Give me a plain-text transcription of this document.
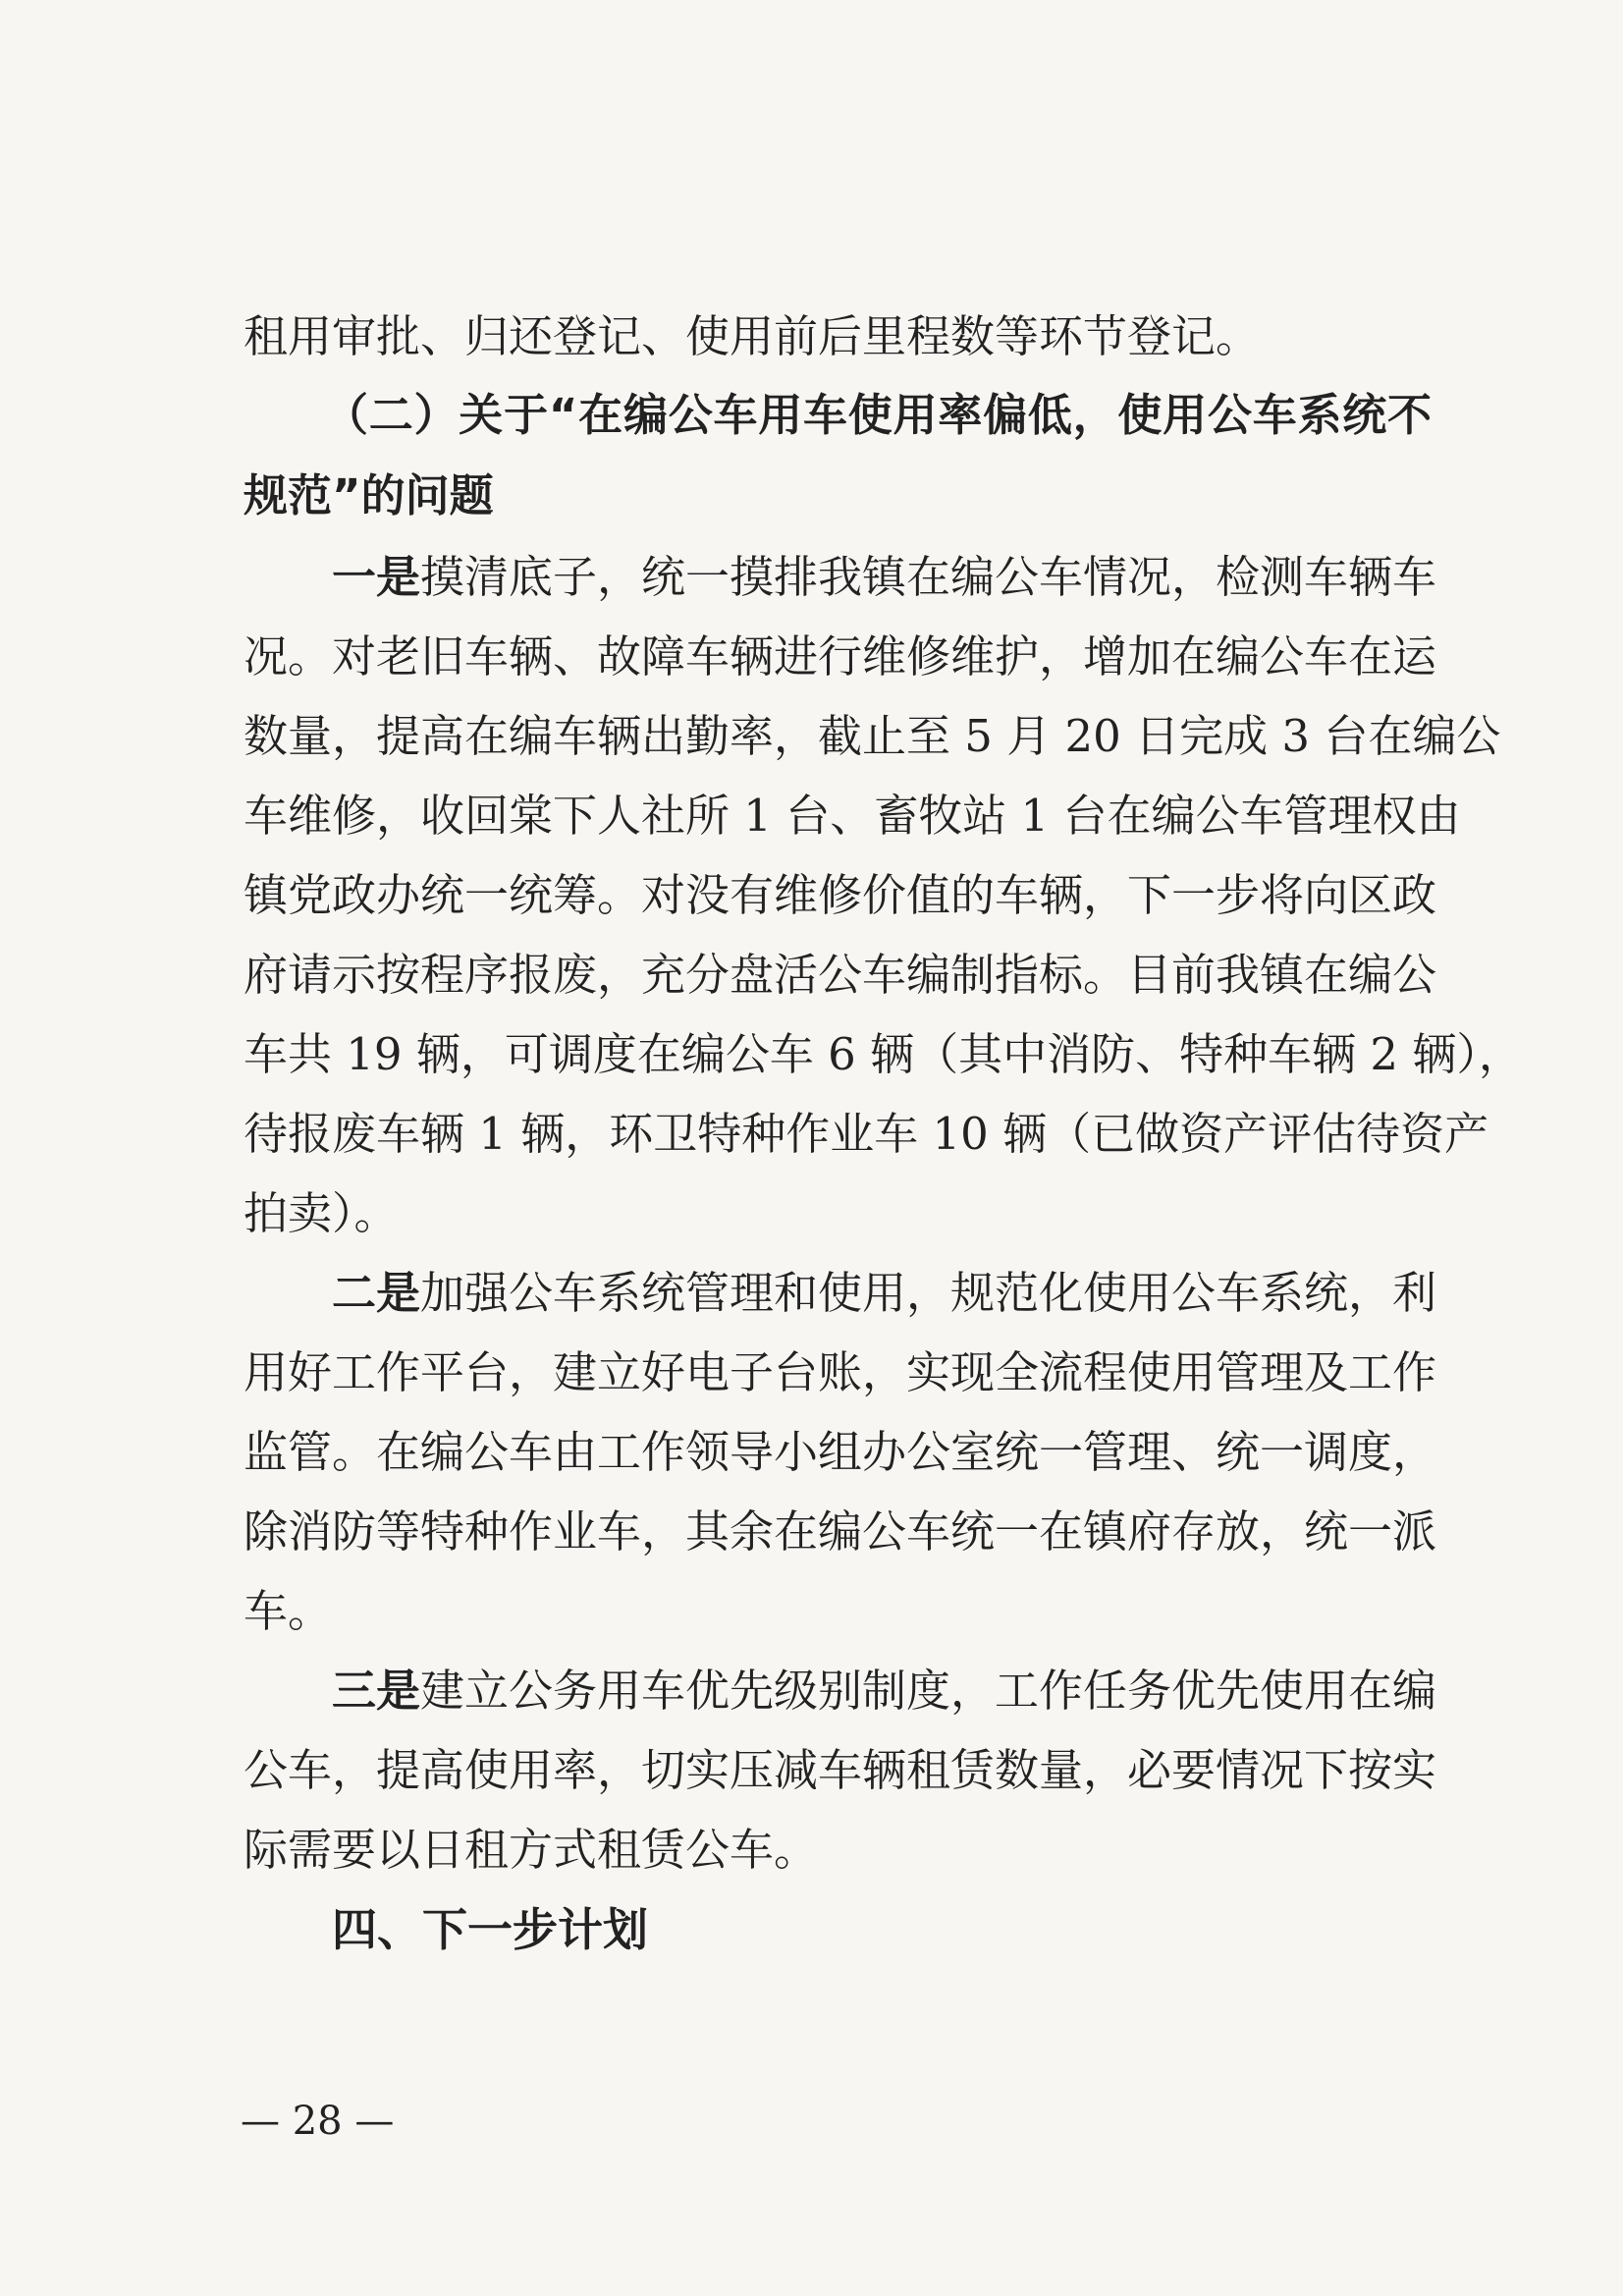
租用审批、归还登记、使用前后里程数等环节登记。
（二）关于“在编公车用车使用率偏低，使用公车系统不
规范”的问题
一是摸清底子，统一摸排我镇在编公车情况，检测车辆车
况。对老旧车辆、故障车辆进行维修维护，增加在编公车在运
数量，提高在编车辆出勤率，截止至 5 月 20 日完成 3 台在编公
车维修，收回棠下人社所 1 台、畜牧站 1 台在编公车管理权由
镇党政办统一统筹。对没有维修价值的车辆，下一步将向区政
府请示按程序报废，充分盘活公车编制指标。目前我镇在编公
车共 19 辆，可调度在编公车 6 辆（其中消防、特种车辆 2 辆），
待报废车辆 1 辆，环卫特种作业车 10 辆（已做资产评估待资产
拍卖）。
二是加强公车系统管理和使用，规范化使用公车系统，利
用好工作平台，建立好电子台账，实现全流程使用管理及工作
监管。在编公车由工作领导小组办公室统一管理、统一调度，
除消防等特种作业车，其余在编公车统一在镇府存放，统一派
车。
三是建立公务用车优先级别制度，工作任务优先使用在编
公车，提高使用率，切实压减车辆租赁数量，必要情况下按实
际需要以日租方式租赁公车。
四、下一步计划
— 28 —
